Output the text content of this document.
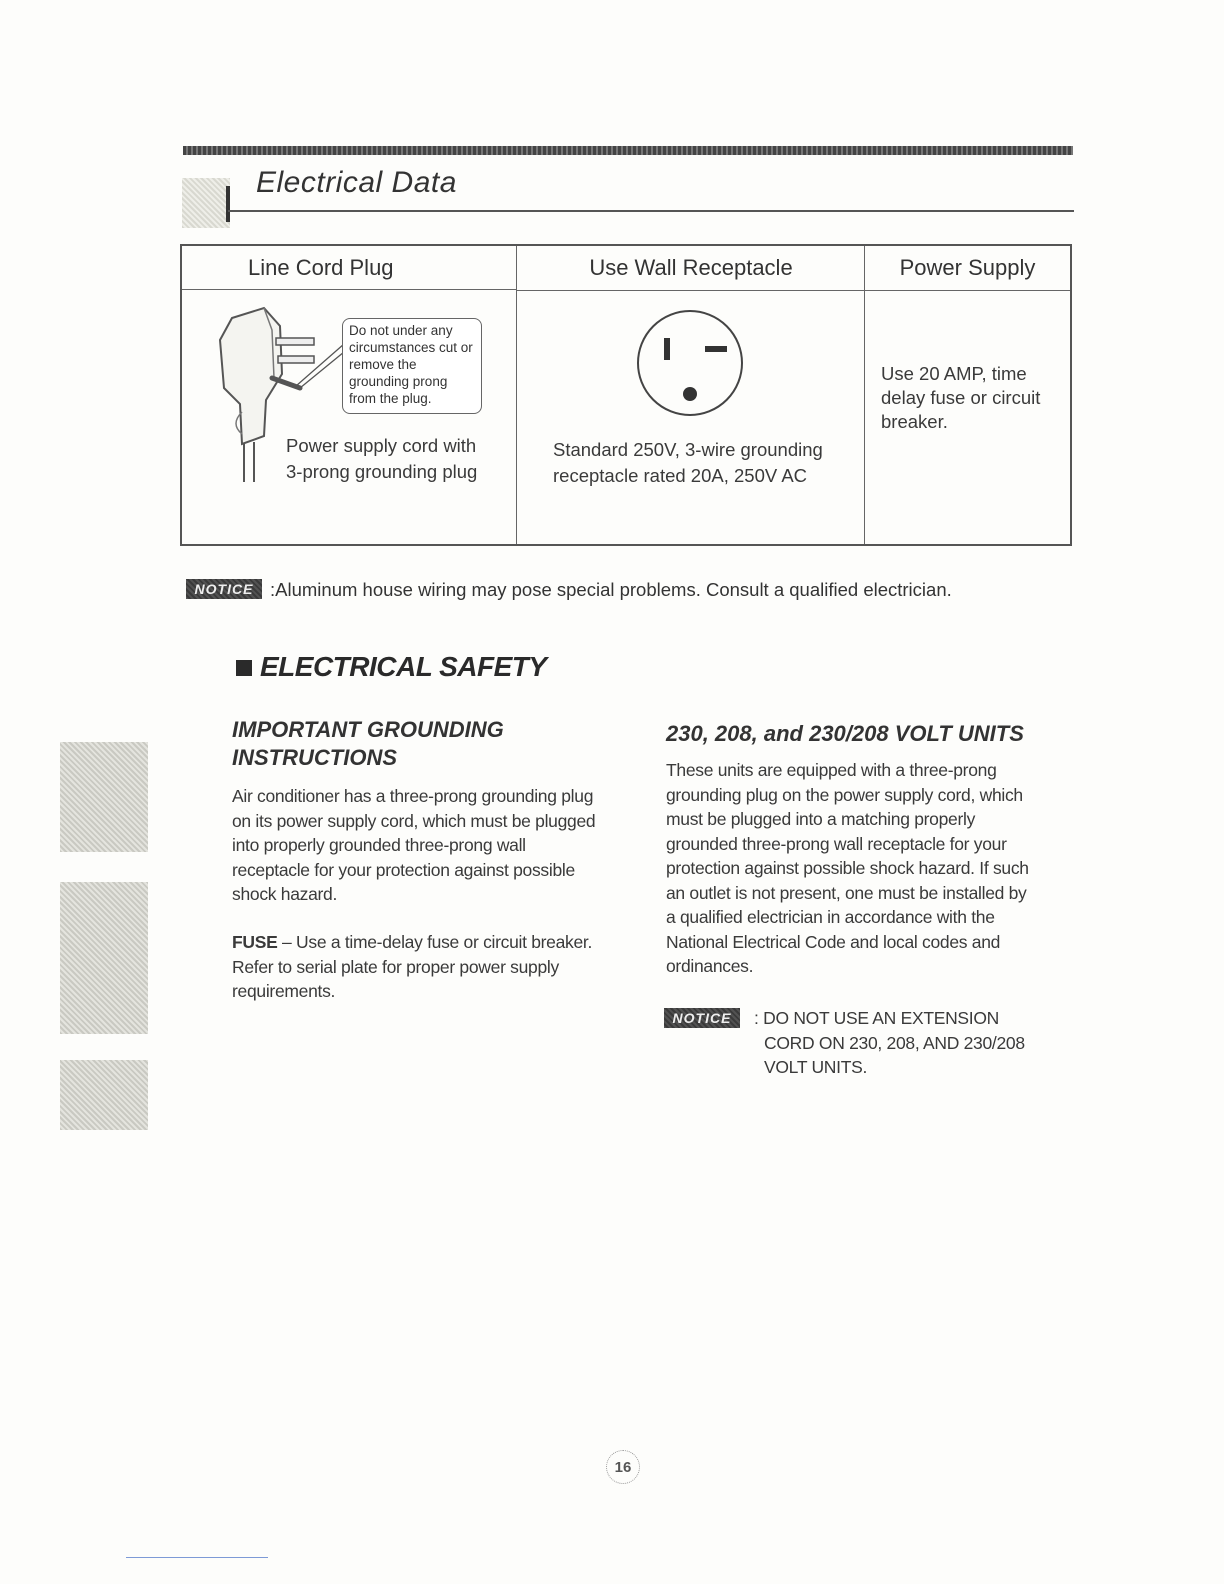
Electrical Data
Line Cord Plug
Do not under any circumstances cut or remove the grounding prong from the plug.
Power supply cord with
3-prong grounding plug
Use Wall Receptacle
Standard 250V, 3-wire grounding
receptacle rated 20A, 250V AC
Power Supply
Use 20 AMP, time
delay fuse or circuit
breaker.
NOTICE :Aluminum house wiring may pose special problems. Consult a qualified electrician.
ELECTRICAL SAFETY
IMPORTANT GROUNDING
INSTRUCTIONS
Air conditioner has a three-prong grounding plug
on its power supply cord, which must be plugged
into properly grounded three-prong wall
receptacle for your protection against possible
shock hazard.
FUSE – Use a time-delay fuse or circuit breaker.
Refer to serial plate for proper power supply
requirements.
230, 208, and 230/208 VOLT UNITS
These units are equipped with a three-prong
grounding plug on the power supply cord, which
must be plugged into a matching properly
grounded three-prong wall receptacle for your
protection against possible shock hazard. If such
an outlet is not present, one must be installed by
a qualified electrician in accordance with the
National Electrical Code and local codes and
ordinances.
NOTICE	: DO NOT USE AN EXTENSION
CORD ON 230, 208, AND 230/208
VOLT UNITS.
16
